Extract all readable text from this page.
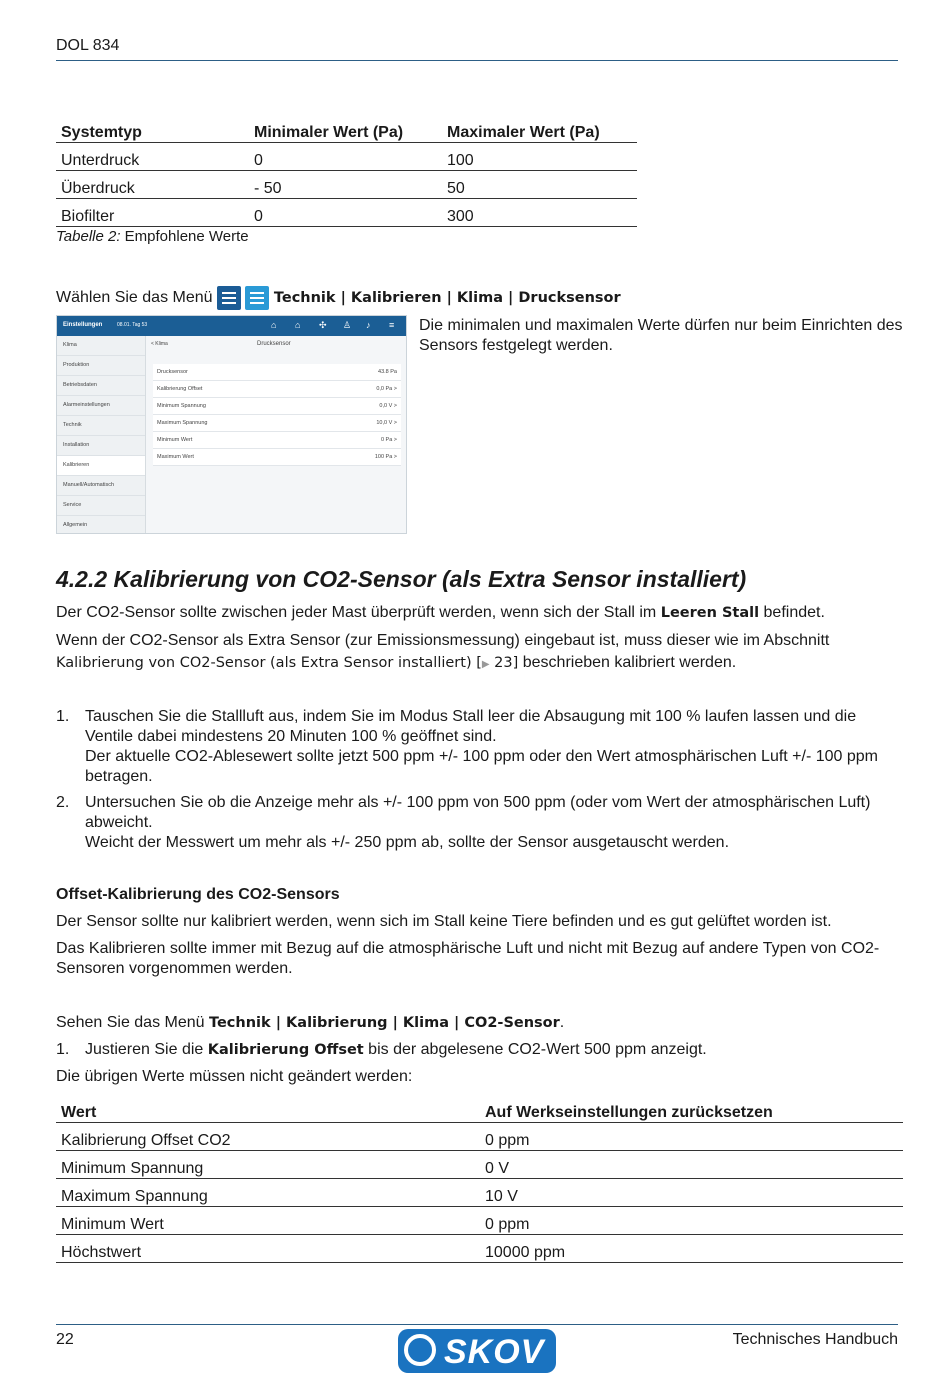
DOL 834
Systemtyp	Minimaler Wert (Pa)	Maximaler Wert (Pa)
Unterdruck	0	100
Überdruck	- 50	50
Biofilter	0	300
Tabelle 2: Empfohlene Werte
Wählen Sie das Menü
	Technik | Kalibrieren | Klima | Drucksensor
Einstellungen	08.01. Tag 53	⌂ ⌂ ✣ ♙ ♪ ≡
< Klima	Drucksensor
Klima
Produktion
Betriebsdaten
Alarmeinstellungen
Technik
Installation
Kalibrieren
Manuell/Automatisch
Service
Allgemein
Drucksensor	43.8 Pa
Kalibrierung Offset	0,0 Pa >
Minimum Spannung	0,0 V >
Maximum Spannung	10,0 V >
Minimum Wert	0 Pa >
Maximum Wert	100 Pa >
Die minimalen und maximalen Werte dürfen nur beim Einrichten des Sensors festgelegt werden.
4.2.2 Kalibrierung von CO2-Sensor (als Extra Sensor installiert)
Der CO2-Sensor sollte zwischen jeder Mast überprüft werden, wenn sich der Stall im Leeren Stall befindet.
Wenn der CO2-Sensor als Extra Sensor (zur Emissionsmessung) eingebaut ist, muss dieser wie im Abschnitt
Kalibrierung von CO2-Sensor (als Extra Sensor installiert) [▶ 23] beschrieben kalibriert werden.
1. Tauschen Sie die Stallluft aus, indem Sie im Modus Stall leer die Absaugung mit 100 % laufen lassen und die Ventile dabei mindestens 20 Minuten 100 % geöffnet sind.
Der aktuelle CO2-Ablesewert sollte jetzt 500 ppm +/- 100 ppm oder den Wert atmosphärischen Luft +/- 100 ppm betragen.
2. Untersuchen Sie ob die Anzeige mehr als +/- 100 ppm von 500 ppm (oder vom Wert der atmosphärischen Luft) abweicht.
Weicht der Messwert um mehr als +/- 250 ppm ab, sollte der Sensor ausgetauscht werden.
Offset-Kalibrierung des CO2-Sensors
Der Sensor sollte nur kalibriert werden, wenn sich im Stall keine Tiere befinden und es gut gelüftet worden ist.
Das Kalibrieren sollte immer mit Bezug auf die atmosphärische Luft und nicht mit Bezug auf andere Typen von CO2-Sensoren vorgenommen werden.
Sehen Sie das Menü Technik | Kalibrierung | Klima | CO2-Sensor.
1. Justieren Sie die Kalibrierung Offset bis der abgelesene CO2-Wert 500 ppm anzeigt.
Die übrigen Werte müssen nicht geändert werden:
Wert	Auf Werkseinstellungen zurücksetzen
Kalibrierung Offset CO2	0 ppm
Minimum Spannung	0 V
Maximum Spannung	10 V
Minimum Wert	0 ppm
Höchstwert	10000 ppm
22	SKOV	Technisches Handbuch
